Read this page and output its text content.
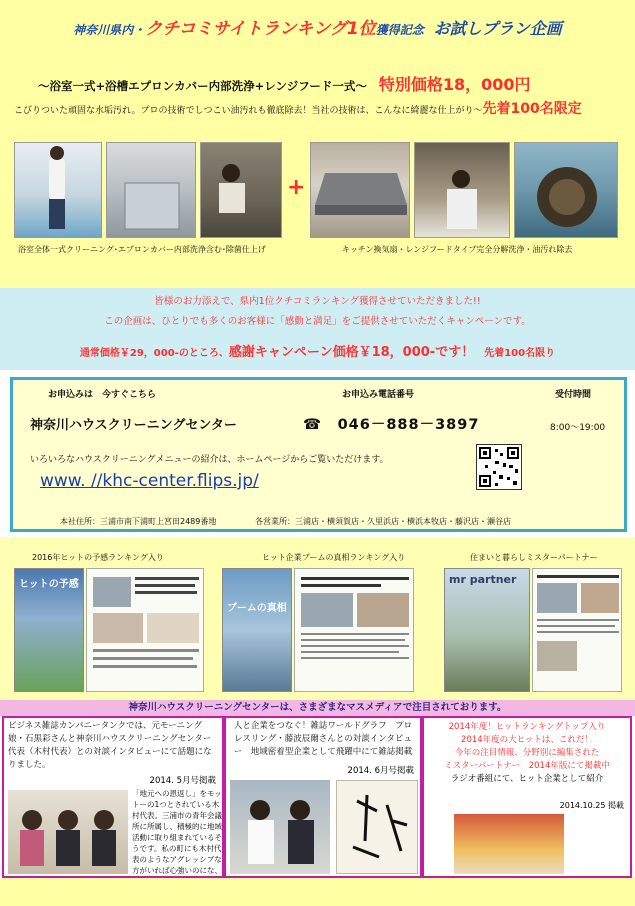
神奈川県内・クチコミサイトランキング1位獲得記念 お試しプラン企画
～浴室一式+浴槽エプロンカバー内部洗浄+レンジフード一式～ 特別価格18，000円
こびりついた頑固な水垢汚れ。プロの技術でしつこい油汚れも徹底除去！当社の技術は、こんなに綺麗な仕上がり～先着100名限定
+
浴室全体一式クリーニング･エプロンカバー内部洗浄含む･除菌仕上げ	キッチン換気扇・レンジフードタイプ完全分解洗浄・油汚れ除去
皆様のお力添えで、県内1位クチコミランキング獲得させていただきました!!
この企画は、ひとりでも多くのお客様に「感動と満足」をご提供させていただくキャンペーンです。
通常価格￥29，000-のところ、感謝キャンペーン価格￥18，000-です！　 先着100名限り
お申込みは　今すぐこちら	お申込み電話番号	受付時間
神奈川ハウスクリーニングセンター	☎　 046－888－3897	8:00～19:00
いろいろなハウスクリーニングメニューの紹介は、ホームページからご覧いただけます。
www. //khc-center.flips.jp/
本社住所：三浦市南下浦町上宮田2489番地	各営業所：三浦店・横須賀店・久里浜店・横浜本牧店・藤沢店・瀬谷店
2016年ヒットの予感ランキング入り	ヒット企業ブームの真相ランキング入り	住まいと暮らしミスターパートナー
ヒットの予感
ブームの真相
mr partner
神奈川ハウスクリーニングセンターは、さまざまなマスメディアで注目されております。
ビジネス雑誌カンパニータンクでは、元モーニング娘・石黒彩さんと神奈川ハウスクリーニングセンター代表（木村代表）との対談インタビューにて話題になりました。
2014. 5月号掲載
「地元への恩返し」をモットーの1つとされている木村代表。三浦市の青年会議所に所属し、積極的に地域活動に取り組まれているそうです。私の町にも木村代表のようなアグレッシブな方がいれば心強いのにな、
人と企業をつなぐ！雑誌ワールドグラフ　プロレスリング・藤波辰爾さんとの対談インタビュー　地域密着型企業として飛躍中にて雑誌掲載
2014. 6月号掲載
2014年度！ヒットランキングトップ入り
2014年度の大ヒットは、これだ！
今年の注目情報、分野別に編集された
ミスターパートナー　2014年版にて掲載中
ラジオ番組にて、ヒット企業として紹介
2014.10.25 掲載
